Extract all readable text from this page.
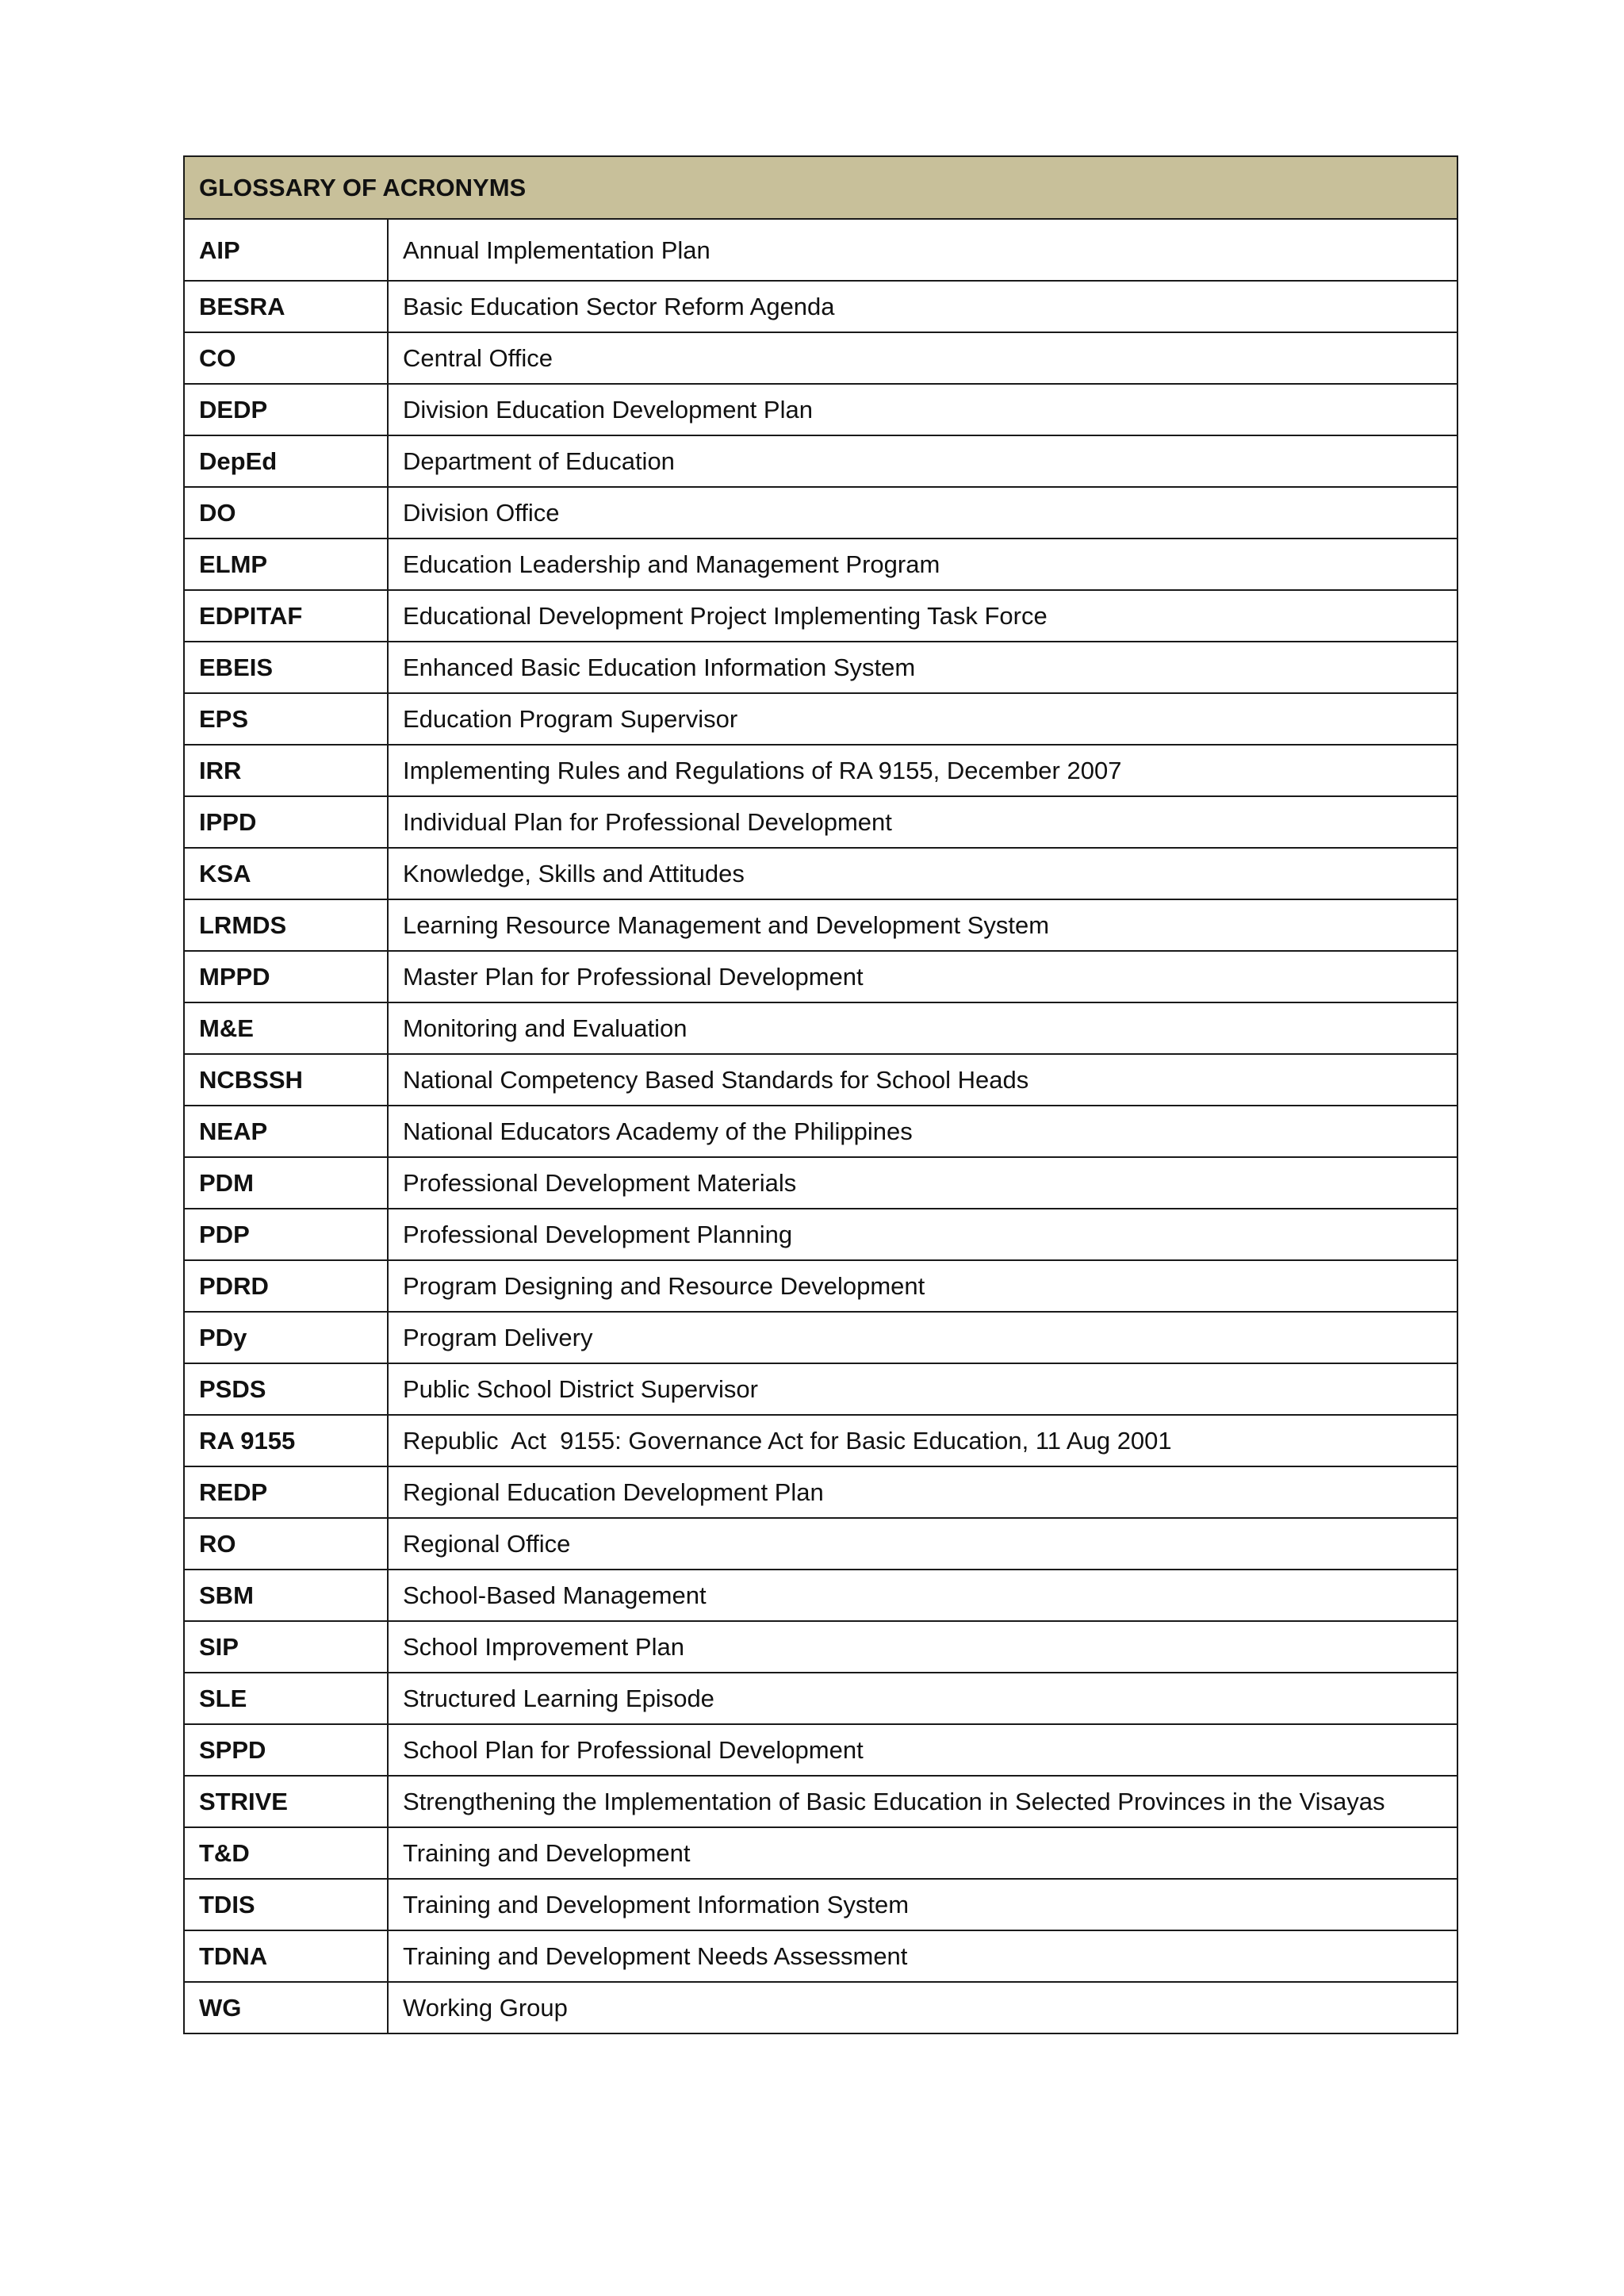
GLOSSARY OF ACRONYMS	
AIP	Annual Implementation Plan
BESRA	Basic Education Sector Reform Agenda
CO	Central Office
DEDP	Division Education Development Plan
DepEd	Department of Education
DO	Division Office
ELMP	Education Leadership and Management Program
EDPITAF	Educational Development Project Implementing Task Force
EBEIS	Enhanced Basic Education Information System
EPS	Education Program Supervisor
IRR	Implementing Rules and Regulations of RA 9155, December 2007
IPPD	Individual Plan for Professional Development
KSA	Knowledge, Skills and Attitudes
LRMDS	Learning Resource Management and Development System
MPPD	Master Plan for Professional Development
M&E	Monitoring and Evaluation
NCBSSH	National Competency Based Standards for School Heads
NEAP	National Educators Academy of the Philippines
PDM	Professional Development Materials
PDP	Professional Development Planning
PDRD	Program Designing and Resource Development
PDy	Program Delivery
PSDS	Public School District Supervisor
RA 9155	Republic  Act  9155: Governance Act for Basic Education, 11 Aug 2001
REDP	Regional Education Development Plan
RO	Regional Office
SBM	School-Based Management
SIP	School Improvement Plan
SLE	Structured Learning Episode
SPPD	School Plan for Professional Development
STRIVE	Strengthening the Implementation of Basic Education in Selected Provinces in the Visayas
T&D	Training and Development
TDIS	Training and Development Information System
TDNA	Training and Development Needs Assessment
WG	Working Group
